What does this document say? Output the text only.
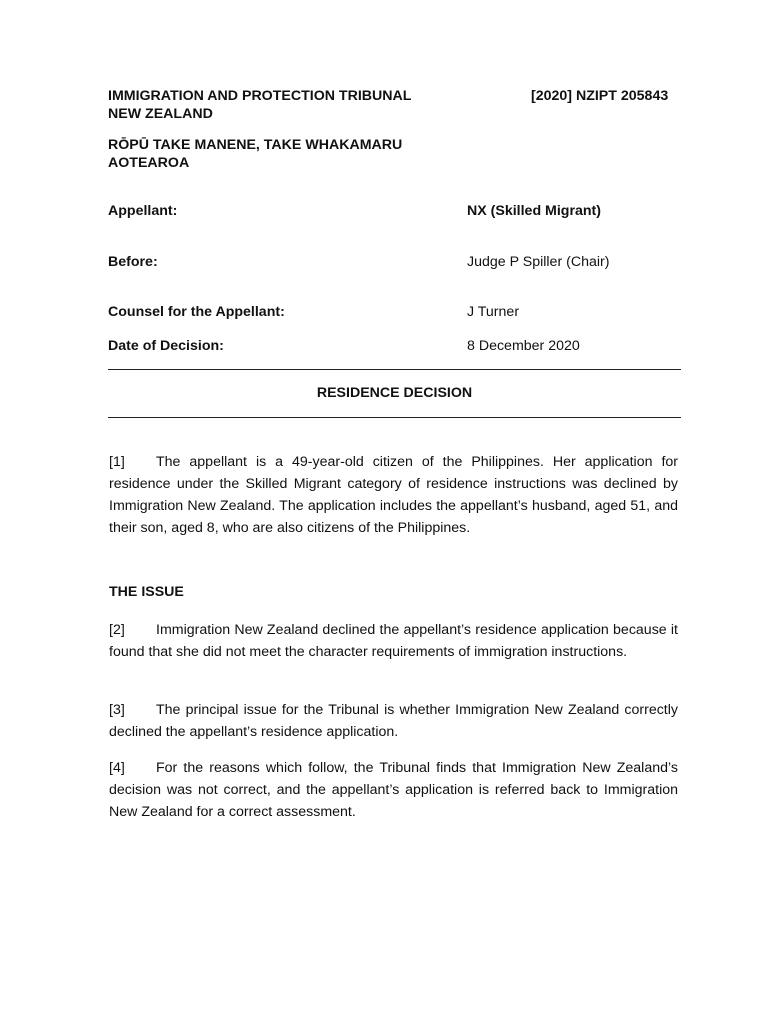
IMMIGRATION AND PROTECTION TRIBUNAL
NEW ZEALAND
RŌPŪ TAKE MANENE, TAKE WHAKAMARU
AOTEAROA
[2020] NZIPT 205843
Appellant:	NX (Skilled Migrant)
Before:	Judge P Spiller (Chair)
Counsel for the Appellant:	J Turner
Date of Decision:	8 December 2020
RESIDENCE DECISION

[1] The appellant is a 49-year-old citizen of the Philippines. Her application for residence under the Skilled Migrant category of residence instructions was declined by Immigration New Zealand. The application includes the appellant’s husband, aged 51, and their son, aged 8, who are also citizens of the Philippines.

THE ISSUE

[2] Immigration New Zealand declined the appellant’s residence application because it found that she did not meet the character requirements of immigration instructions.

[3] The principal issue for the Tribunal is whether Immigration New Zealand correctly declined the appellant’s residence application.

[4] For the reasons which follow, the Tribunal finds that Immigration New Zealand’s decision was not correct, and the appellant’s application is referred back to Immigration New Zealand for a correct assessment.
